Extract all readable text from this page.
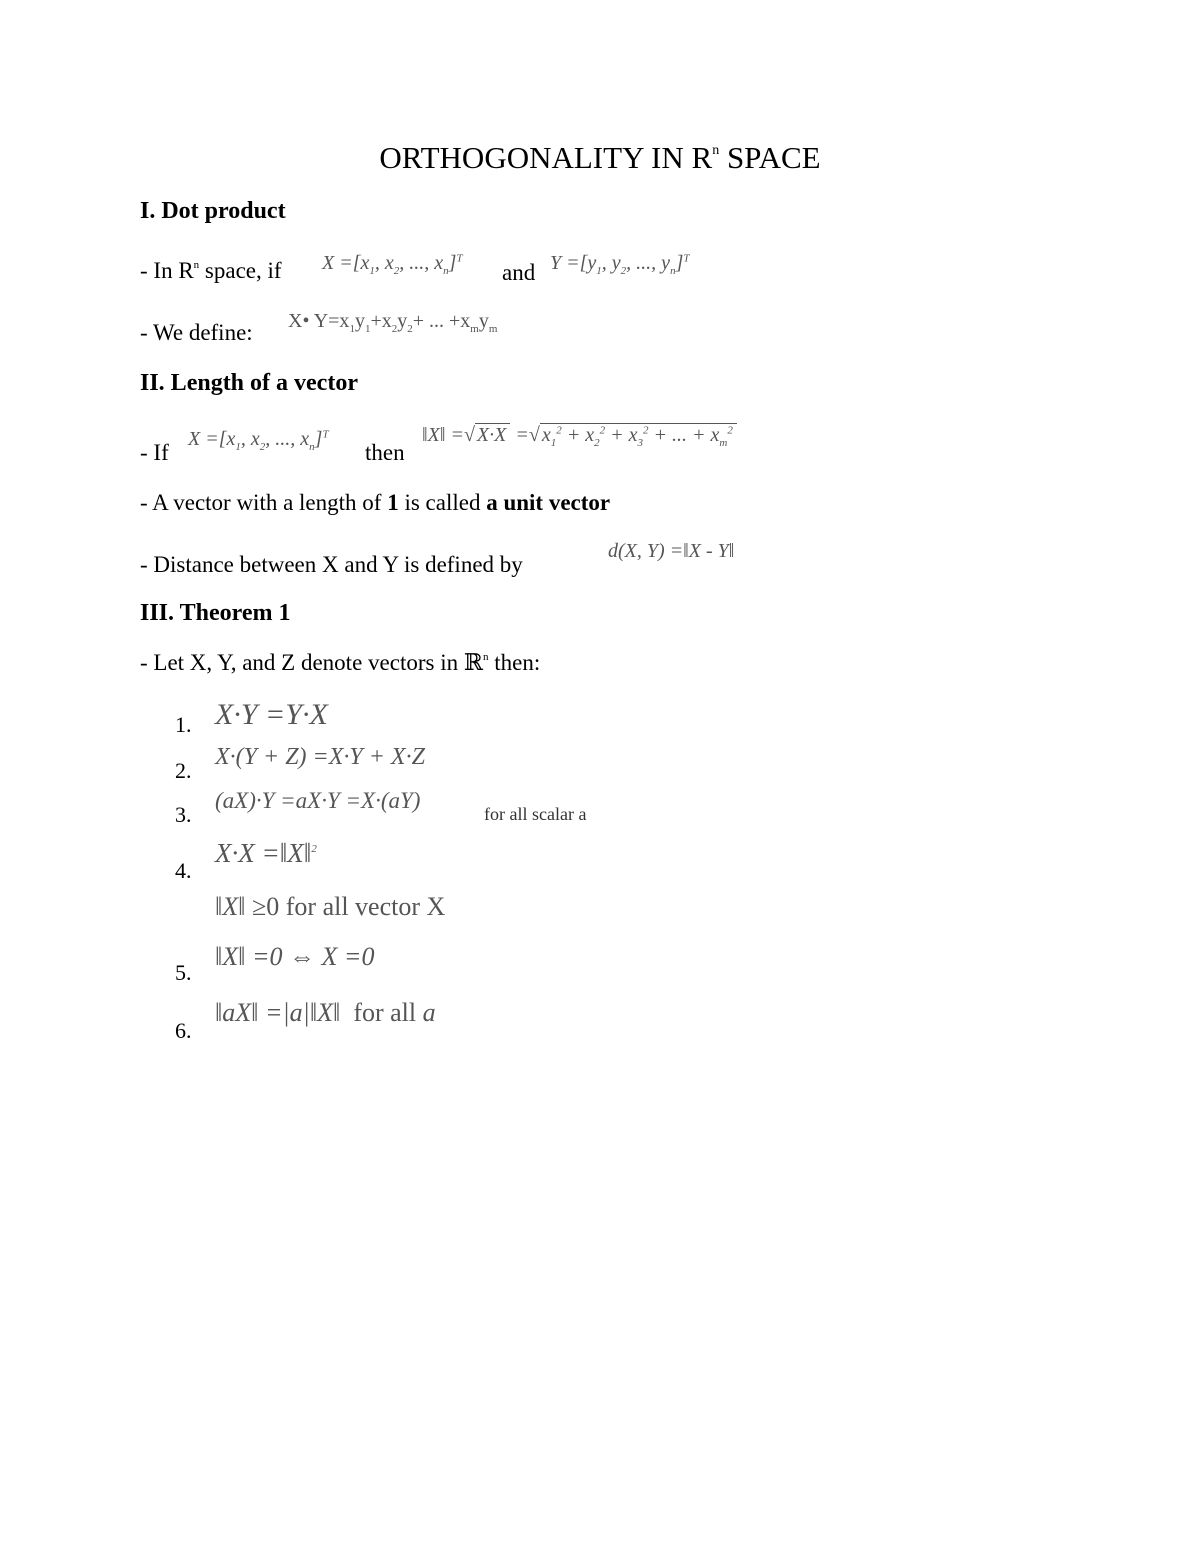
ORTHOGONALITY IN $R^n$ SPACE
I. Dot product
- In $R^n$ space, if $X =[x_1$, $x_2$, ..., $x_n]^T$
and $Y =[y_1$, $y_2$, ..., $y_n]^T$
- We define: X• $Y=x_1y_1+x_2y_2+$ ... $+x_my_m$
II. Length of a vector
- If
$X =[x_1$, $x_2$, ..., $x_n]^T$
then
‖X‖ =√ X·X =√ $x_1^2 + x_2^2 + x_3^2$ + ... + $x_m^2$
- A vector with a length of 1 is called a unit vector
- Distance between X and Y is defined by
d(X, Y) =‖X - Y‖
III. Theorem 1
- Let X, Y, and Z denote vectors in ℝ$^n$ then:
1. X·Y =Y·X
2.
X·(Y + Z) =X·Y + X·Z
3.
(aX)·Y =aX·Y =X·(aY)
for all scalar a
4.
X·X =‖X‖$^2$
‖X‖ ≥0 for all vector X
5.
‖X‖ =0 ⇔ X =0
6.
‖aX‖ =|a|‖X‖  for all a
